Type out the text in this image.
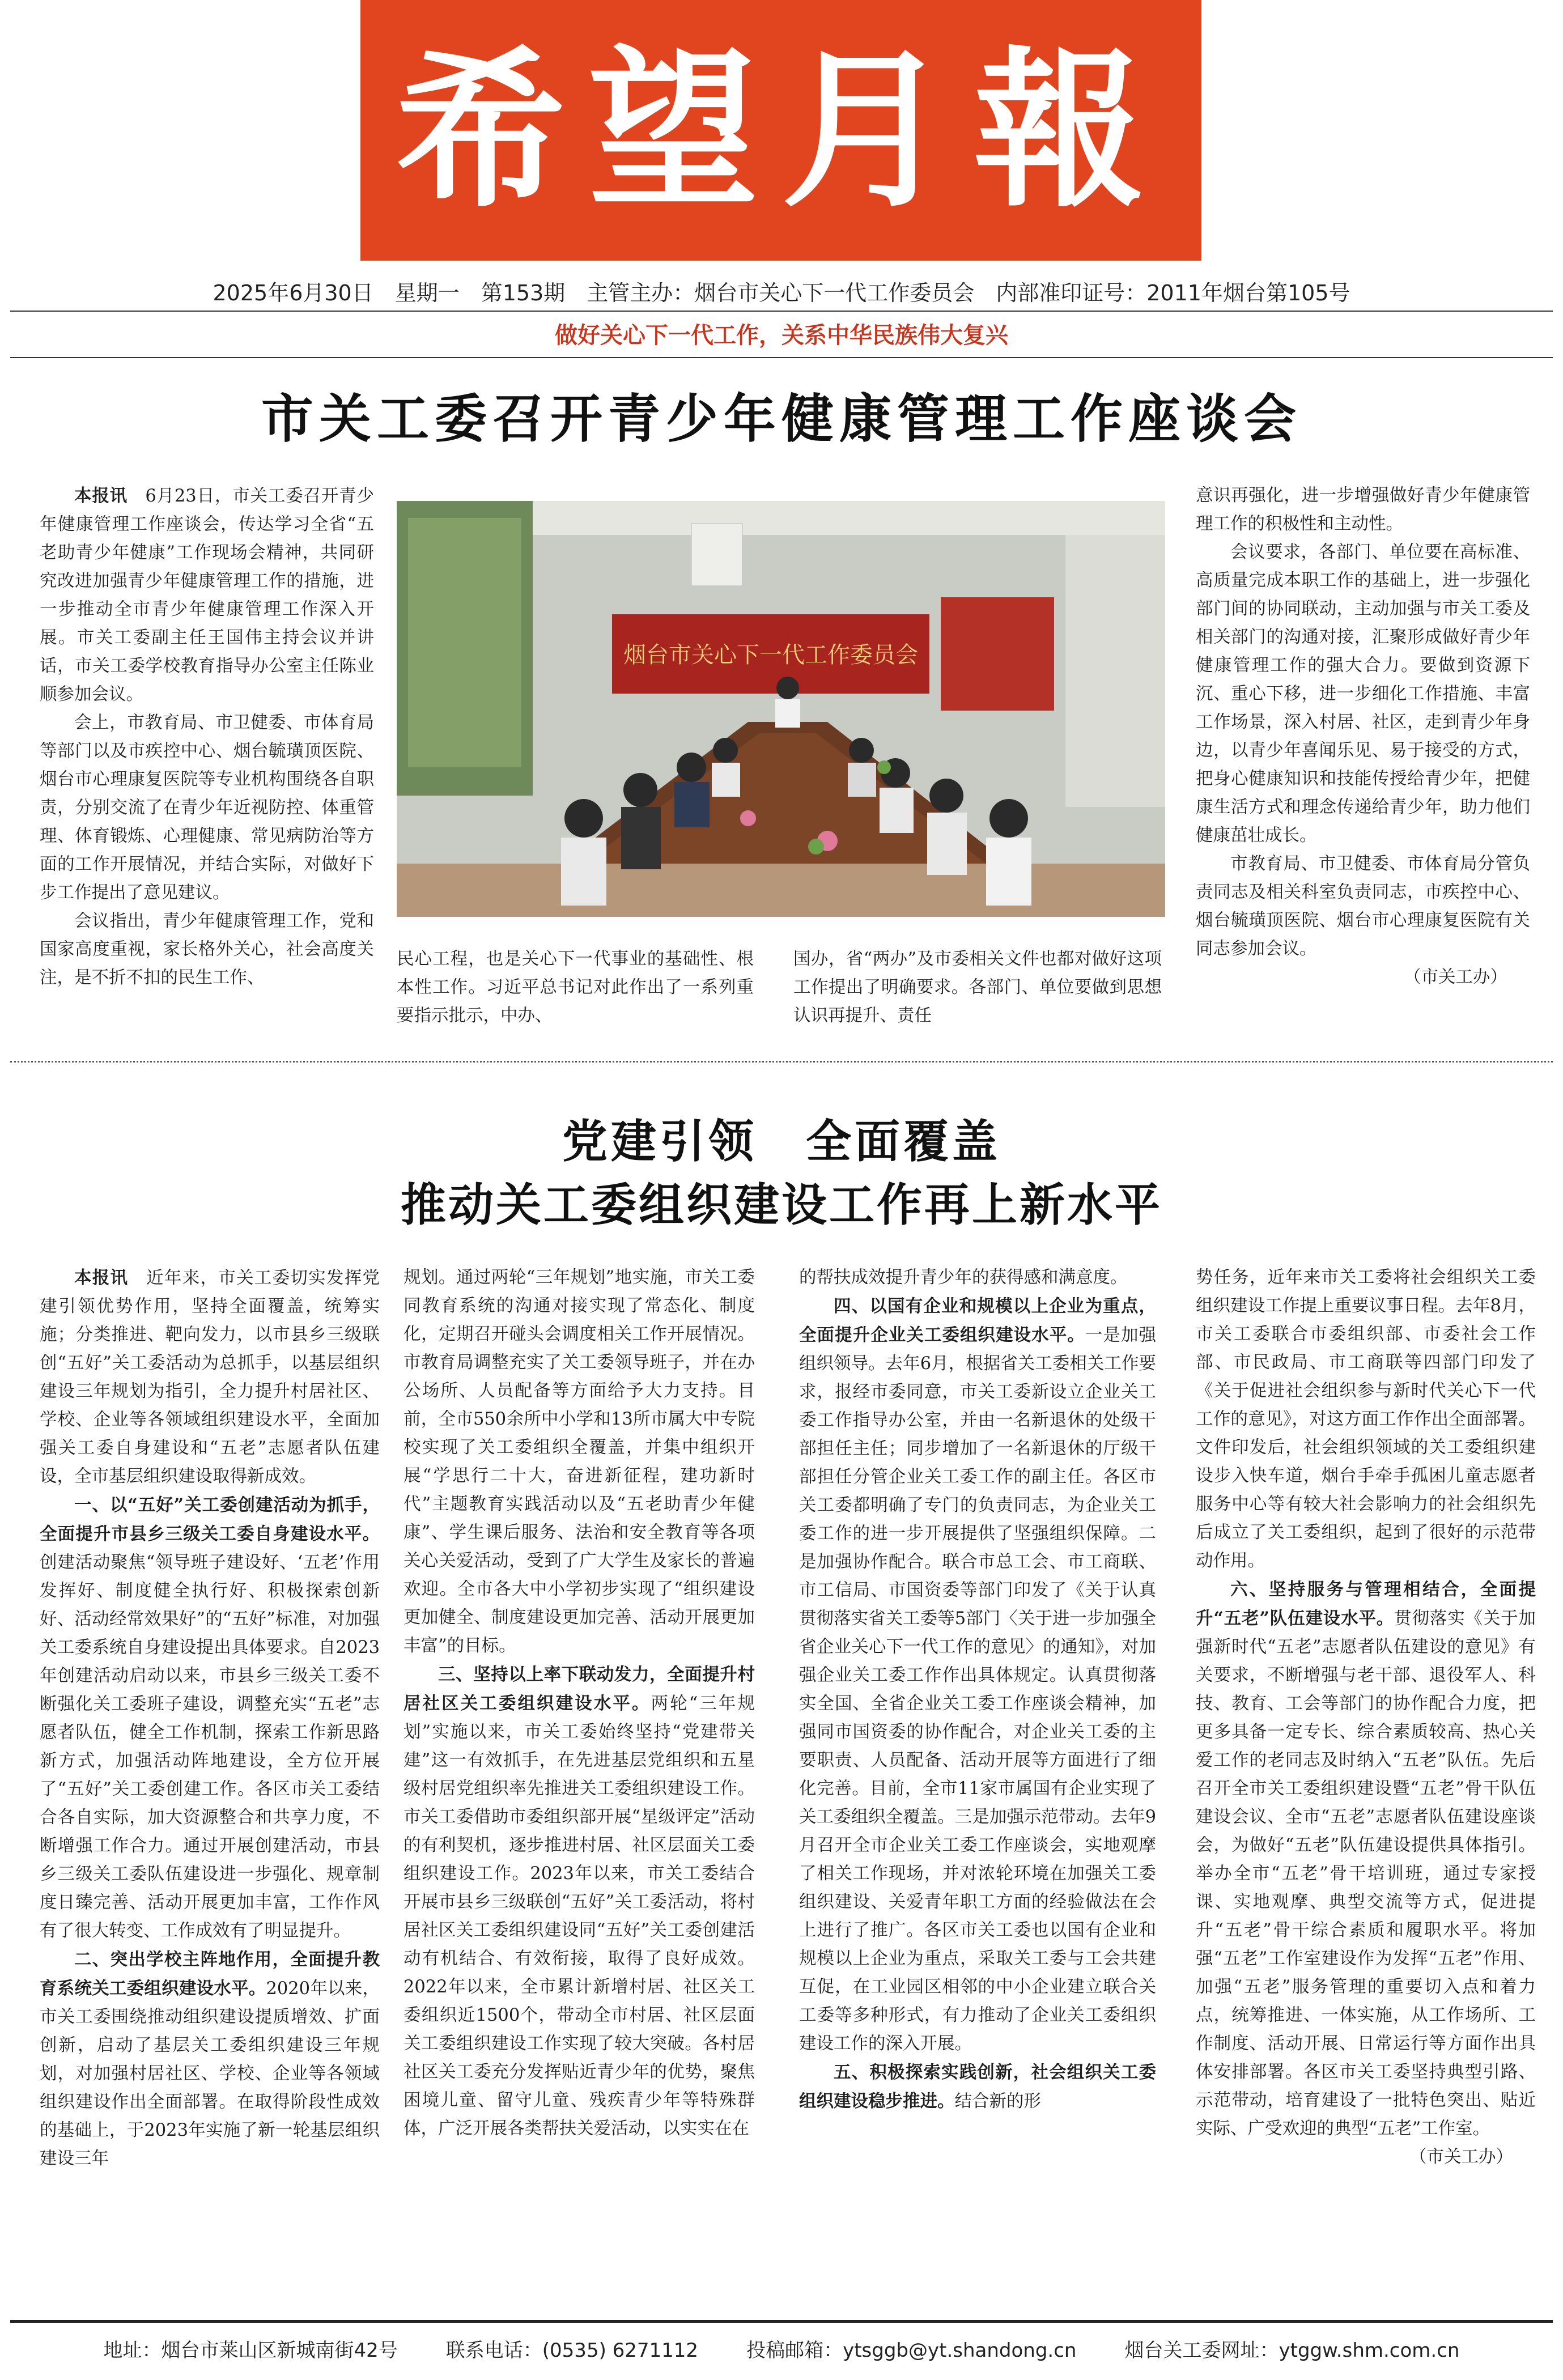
希望月報
2025年6月30日　星期一　第153期　主管主办：烟台市关心下一代工作委员会　内部准印证号：2011年烟台第105号
做好关心下一代工作，关系中华民族伟大复兴
市关工委召开青少年健康管理工作座谈会

本报讯　6月23日，市关工委召开青少年健康管理工作座谈会，传达学习全省“五老助青少年健康”工作现场会精神，共同研究改进加强青少年健康管理工作的措施，进一步推动全市青少年健康管理工作深入开展。市关工委副主任王国伟主持会议并讲话，市关工委学校教育指导办公室主任陈业顺参加会议。

会上，市教育局、市卫健委、市体育局等部门以及市疾控中心、烟台毓璜顶医院、烟台市心理康复医院等专业机构围绕各自职责，分别交流了在青少年近视防控、体重管理、体育锻炼、心理健康、常见病防治等方面的工作开展情况，并结合实际，对做好下步工作提出了意见建议。

会议指出，青少年健康管理工作，党和国家高度重视，家长格外关心，社会高度关注，是不折不扣的民生工作、

烟台市关心下一代工作委员会

民心工程，也是关心下一代事业的基础性、根本性工作。习近平总书记对此作出了一系列重要指示批示，中办、

国办，省“两办”及市委相关文件也都对做好这项工作提出了明确要求。各部门、单位要做到思想认识再提升、责任

意识再强化，进一步增强做好青少年健康管理工作的积极性和主动性。

会议要求，各部门、单位要在高标准、高质量完成本职工作的基础上，进一步强化部门间的协同联动，主动加强与市关工委及相关部门的沟通对接，汇聚形成做好青少年健康管理工作的强大合力。要做到资源下沉、重心下移，进一步细化工作措施、丰富工作场景，深入村居、社区，走到青少年身边，以青少年喜闻乐见、易于接受的方式，把身心健康知识和技能传授给青少年，把健康生活方式和理念传递给青少年，助力他们健康茁壮成长。

市教育局、市卫健委、市体育局分管负责同志及相关科室负责同志，市疾控中心、烟台毓璜顶医院、烟台市心理康复医院有关同志参加会议。

（市关工办）

党建引领　全面覆盖
推动关工委组织建设工作再上新水平

本报讯　近年来，市关工委切实发挥党建引领优势作用，坚持全面覆盖，统筹实施；分类推进、靶向发力，以市县乡三级联创“五好”关工委活动为总抓手，以基层组织建设三年规划为指引，全力提升村居社区、学校、企业等各领域组织建设水平，全面加强关工委自身建设和“五老”志愿者队伍建设，全市基层组织建设取得新成效。

一、以“五好”关工委创建活动为抓手，全面提升市县乡三级关工委自身建设水平。创建活动聚焦“领导班子建设好、‘五老’作用发挥好、制度健全执行好、积极探索创新好、活动经常效果好”的“五好”标准，对加强关工委系统自身建设提出具体要求。自2023年创建活动启动以来，市县乡三级关工委不断强化关工委班子建设，调整充实“五老”志愿者队伍，健全工作机制，探索工作新思路新方式，加强活动阵地建设，全方位开展了“五好”关工委创建工作。各区市关工委结合各自实际，加大资源整合和共享力度，不断增强工作合力。通过开展创建活动，市县乡三级关工委队伍建设进一步强化、规章制度日臻完善、活动开展更加丰富，工作作风有了很大转变、工作成效有了明显提升。

二、突出学校主阵地作用，全面提升教育系统关工委组织建设水平。2020年以来，市关工委围绕推动组织建设提质增效、扩面创新，启动了基层关工委组织建设三年规划，对加强村居社区、学校、企业等各领域组织建设作出全面部署。在取得阶段性成效的基础上，于2023年实施了新一轮基层组织建设三年

规划。通过两轮“三年规划”地实施，市关工委同教育系统的沟通对接实现了常态化、制度化，定期召开碰头会调度相关工作开展情况。市教育局调整充实了关工委领导班子，并在办公场所、人员配备等方面给予大力支持。目前，全市550余所中小学和13所市属大中专院校实现了关工委组织全覆盖，并集中组织开展“学思行二十大，奋进新征程，建功新时代”主题教育实践活动以及“五老助青少年健康”、学生课后服务、法治和安全教育等各项关心关爱活动，受到了广大学生及家长的普遍欢迎。全市各大中小学初步实现了“组织建设更加健全、制度建设更加完善、活动开展更加丰富”的目标。

三、坚持以上率下联动发力，全面提升村居社区关工委组织建设水平。两轮“三年规划”实施以来，市关工委始终坚持“党建带关建”这一有效抓手，在先进基层党组织和五星级村居党组织率先推进关工委组织建设工作。市关工委借助市委组织部开展“星级评定”活动的有利契机，逐步推进村居、社区层面关工委组织建设工作。2023年以来，市关工委结合开展市县乡三级联创“五好”关工委活动，将村居社区关工委组织建设同“五好”关工委创建活动有机结合、有效衔接，取得了良好成效。2022年以来，全市累计新增村居、社区关工委组织近1500个，带动全市村居、社区层面关工委组织建设工作实现了较大突破。各村居社区关工委充分发挥贴近青少年的优势，聚焦困境儿童、留守儿童、残疾青少年等特殊群体，广泛开展各类帮扶关爱活动，以实实在在

的帮扶成效提升青少年的获得感和满意度。

四、以国有企业和规模以上企业为重点，全面提升企业关工委组织建设水平。一是加强组织领导。去年6月，根据省关工委相关工作要求，报经市委同意，市关工委新设立企业关工委工作指导办公室，并由一名新退休的处级干部担任主任；同步增加了一名新退休的厅级干部担任分管企业关工委工作的副主任。各区市关工委都明确了专门的负责同志，为企业关工委工作的进一步开展提供了坚强组织保障。二是加强协作配合。联合市总工会、市工商联、市工信局、市国资委等部门印发了《关于认真贯彻落实省关工委等5部门〈关于进一步加强全省企业关心下一代工作的意见〉的通知》，对加强企业关工委工作作出具体规定。认真贯彻落实全国、全省企业关工委工作座谈会精神，加强同市国资委的协作配合，对企业关工委的主要职责、人员配备、活动开展等方面进行了细化完善。目前，全市11家市属国有企业实现了关工委组织全覆盖。三是加强示范带动。去年9月召开全市企业关工委工作座谈会，实地观摩了相关工作现场，并对浓轮环境在加强关工委组织建设、关爱青年职工方面的经验做法在会上进行了推广。各区市关工委也以国有企业和规模以上企业为重点，采取关工委与工会共建互促，在工业园区相邻的中小企业建立联合关工委等多种形式，有力推动了企业关工委组织建设工作的深入开展。

五、积极探索实践创新，社会组织关工委组织建设稳步推进。结合新的形

势任务，近年来市关工委将社会组织关工委组织建设工作提上重要议事日程。去年8月，市关工委联合市委组织部、市委社会工作部、市民政局、市工商联等四部门印发了《关于促进社会组织参与新时代关心下一代工作的意见》，对这方面工作作出全面部署。文件印发后，社会组织领域的关工委组织建设步入快车道，烟台手牵手孤困儿童志愿者服务中心等有较大社会影响力的社会组织先后成立了关工委组织，起到了很好的示范带动作用。

六、坚持服务与管理相结合，全面提升“五老”队伍建设水平。贯彻落实《关于加强新时代“五老”志愿者队伍建设的意见》有关要求，不断增强与老干部、退役军人、科技、教育、工会等部门的协作配合力度，把更多具备一定专长、综合素质较高、热心关爱工作的老同志及时纳入“五老”队伍。先后召开全市关工委组织建设暨“五老”骨干队伍建设会议、全市“五老”志愿者队伍建设座谈会，为做好“五老”队伍建设提供具体指引。举办全市“五老”骨干培训班，通过专家授课、实地观摩、典型交流等方式，促进提升“五老”骨干综合素质和履职水平。将加强“五老”工作室建设作为发挥“五老”作用、加强“五老”服务管理的重要切入点和着力点，统筹推进、一体实施，从工作场所、工作制度、活动开展、日常运行等方面作出具体安排部署。各区市关工委坚持典型引路、示范带动，培育建设了一批特色突出、贴近实际、广受欢迎的典型“五老”工作室。

（市关工办）

地址：烟台市莱山区新城南街42号	联系电话：(0535) 6271112	投稿邮箱：ytsggb@yt.shandong.cn	烟台关工委网址：ytggw.shm.com.cn
